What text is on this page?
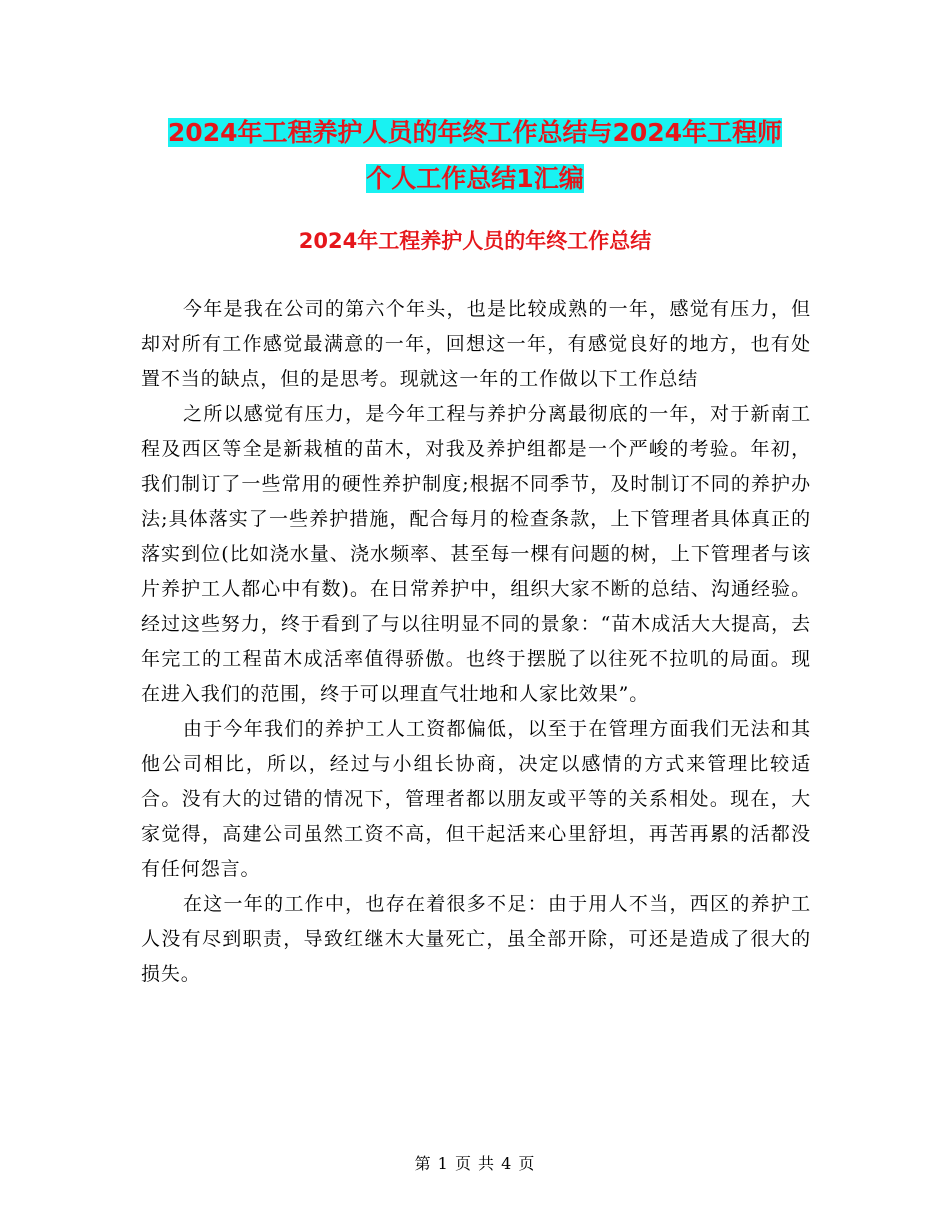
2024年工程养护人员的年终工作总结与2024年工程师
个人工作总结1汇编
2024年工程养护人员的年终工作总结

今年是我在公司的第六个年头，也是比较成熟的一年，感觉有压力，但却对所有工作感觉最满意的一年，回想这一年，有感觉良好的地方，也有处置不当的缺点，但的是思考。现就这一年的工作做以下工作总结

之所以感觉有压力，是今年工程与养护分离最彻底的一年，对于新南工程及西区等全是新栽植的苗木，对我及养护组都是一个严峻的考验。年初，我们制订了一些常用的硬性养护制度;根据不同季节，及时制订不同的养护办法;具体落实了一些养护措施，配合每月的检查条款，上下管理者具体真正的落实到位(比如浇水量、浇水频率、甚至每一棵有问题的树，上下管理者与该片养护工人都心中有数)。在日常养护中，组织大家不断的总结、沟通经验。经过这些努力，终于看到了与以往明显不同的景象：“苗木成活大大提高，去年完工的工程苗木成活率值得骄傲。也终于摆脱了以往死不拉叽的局面。现在进入我们的范围，终于可以理直气壮地和人家比效果”。

由于今年我们的养护工人工资都偏低，以至于在管理方面我们无法和其他公司相比，所以，经过与小组长协商，决定以感情的方式来管理比较适合。没有大的过错的情况下，管理者都以朋友或平等的关系相处。现在，大家觉得，高建公司虽然工资不高，但干起活来心里舒坦，再苦再累的活都没有任何怨言。

在这一年的工作中，也存在着很多不足：由于用人不当，西区的养护工人没有尽到职责，导致红继木大量死亡，虽全部开除，可还是造成了很大的损失。

第 1 页 共 4 页
